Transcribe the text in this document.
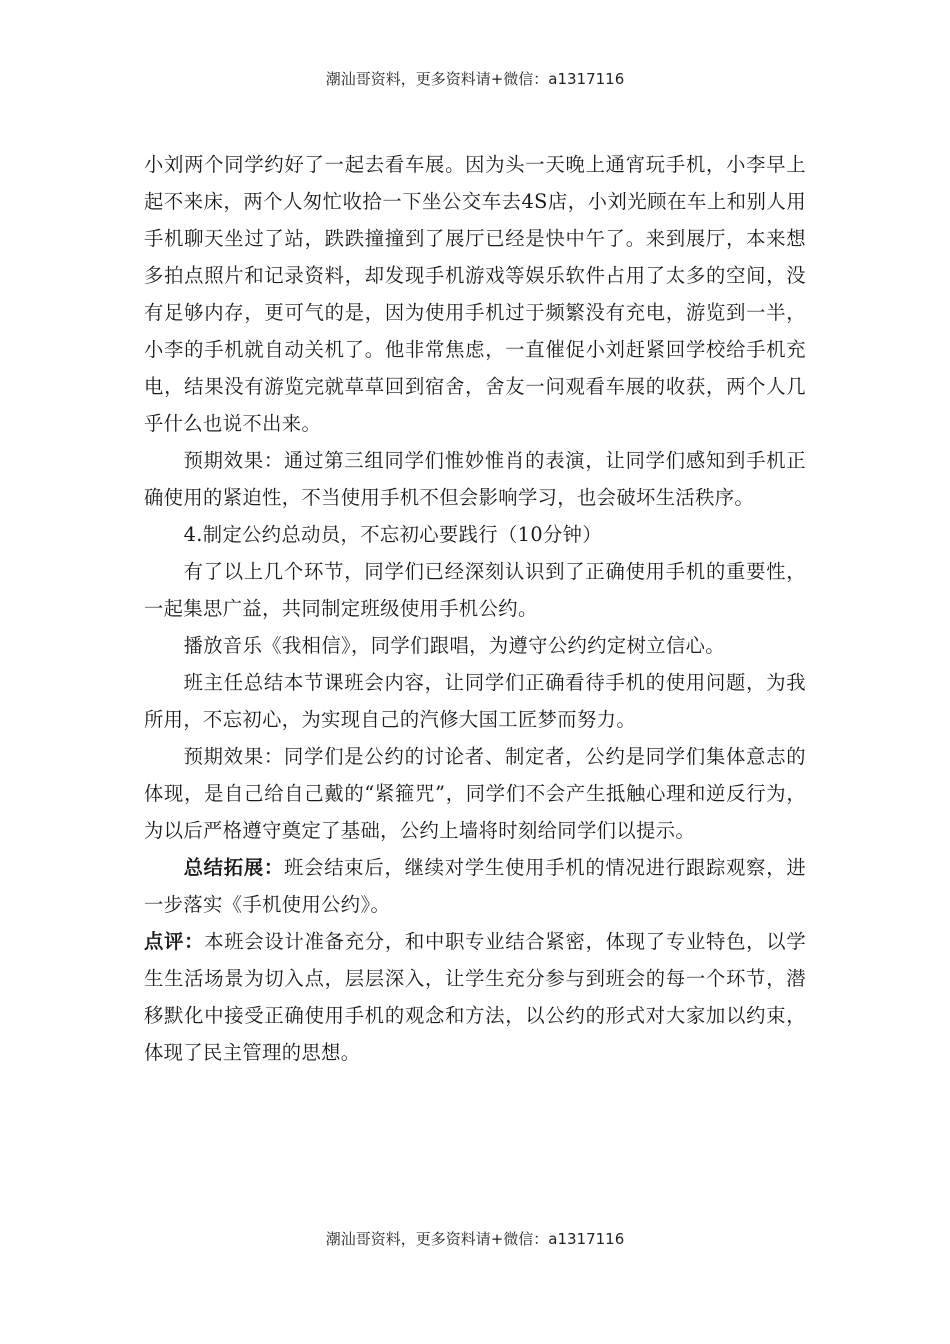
潮汕哥资料，更多资料请+微信：a1317116

小刘两个同学约好了一起去看车展。因为头一天晚上通宵玩手机，小李早上起不来床，两个人匆忙收拾一下坐公交车去4S店，小刘光顾在车上和别人用手机聊天坐过了站，跌跌撞撞到了展厅已经是快中午了。来到展厅，本来想多拍点照片和记录资料，却发现手机游戏等娱乐软件占用了太多的空间，没有足够内存，更可气的是，因为使用手机过于频繁没有充电，游览到一半，小李的手机就自动关机了。他非常焦虑，一直催促小刘赶紧回学校给手机充电，结果没有游览完就草草回到宿舍，舍友一问观看车展的收获，两个人几乎什么也说不出来。

预期效果：通过第三组同学们惟妙惟肖的表演，让同学们感知到手机正确使用的紧迫性，不当使用手机不但会影响学习，也会破坏生活秩序。

4.制定公约总动员，不忘初心要践行（10分钟）

有了以上几个环节，同学们已经深刻认识到了正确使用手机的重要性，一起集思广益，共同制定班级使用手机公约。

播放音乐《我相信》，同学们跟唱，为遵守公约约定树立信心。

班主任总结本节课班会内容，让同学们正确看待手机的使用问题，为我所用，不忘初心，为实现自己的汽修大国工匠梦而努力。

预期效果：同学们是公约的讨论者、制定者，公约是同学们集体意志的体现，是自己给自己戴的“紧箍咒”，同学们不会产生抵触心理和逆反行为，为以后严格遵守奠定了基础，公约上墙将时刻给同学们以提示。

总结拓展：班会结束后，继续对学生使用手机的情况进行跟踪观察，进一步落实《手机使用公约》。

点评：本班会设计准备充分，和中职专业结合紧密，体现了专业特色，以学生生活场景为切入点，层层深入，让学生充分参与到班会的每一个环节，潜移默化中接受正确使用手机的观念和方法，以公约的形式对大家加以约束，体现了民主管理的思想。

潮汕哥资料，更多资料请+微信：a1317116
